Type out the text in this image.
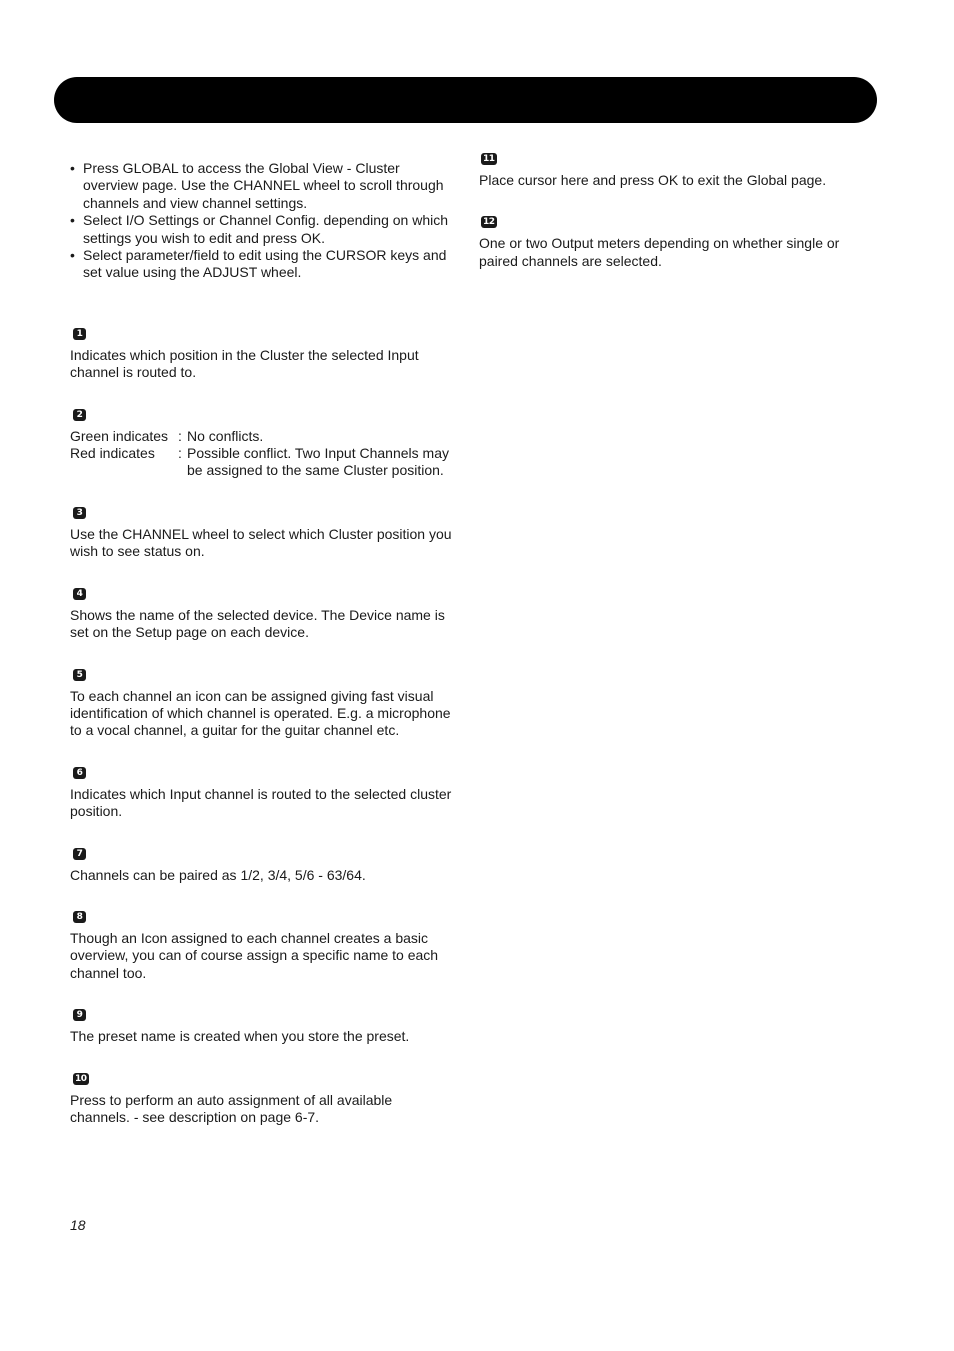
• Press GLOBAL to access the Global View - Cluster overview page. Use the CHANNEL wheel to scroll through channels and view channel settings.
• Select I/O Settings or Channel Config. depending on which settings you wish to edit and press OK.
• Select parameter/field to edit using the CURSOR keys and set value using the ADJUST wheel.
1

Indicates which position in the Cluster the selected Input channel is routed to.

2
Green indicates	:	No conflicts.
Red indicates	:	Possible conflict. Two Input Channels may be assigned to the same Cluster position.
3

Use the CHANNEL wheel to select which Cluster position you wish to see status on.

4

Shows the name of the selected device. The Device name is set on the Setup page on each device.

5

To each channel an icon can be assigned giving fast visual identification of which channel is operated. E.g. a microphone to a vocal channel, a guitar for the guitar channel etc.

6

Indicates which Input channel is routed to the selected cluster position.

7

Channels can be paired as 1/2, 3/4, 5/6 - 63/64.

8

Though an Icon assigned to each channel creates a basic overview, you can of course assign a specific name to each channel too.

9

The preset name is created when you store the preset.

10

Press to perform an auto assignment of all available channels. - see description on page 6-7.

11

Place cursor here and press OK to exit the Global page.

12

One or two Output meters depending on whether single or paired channels are selected.

18
